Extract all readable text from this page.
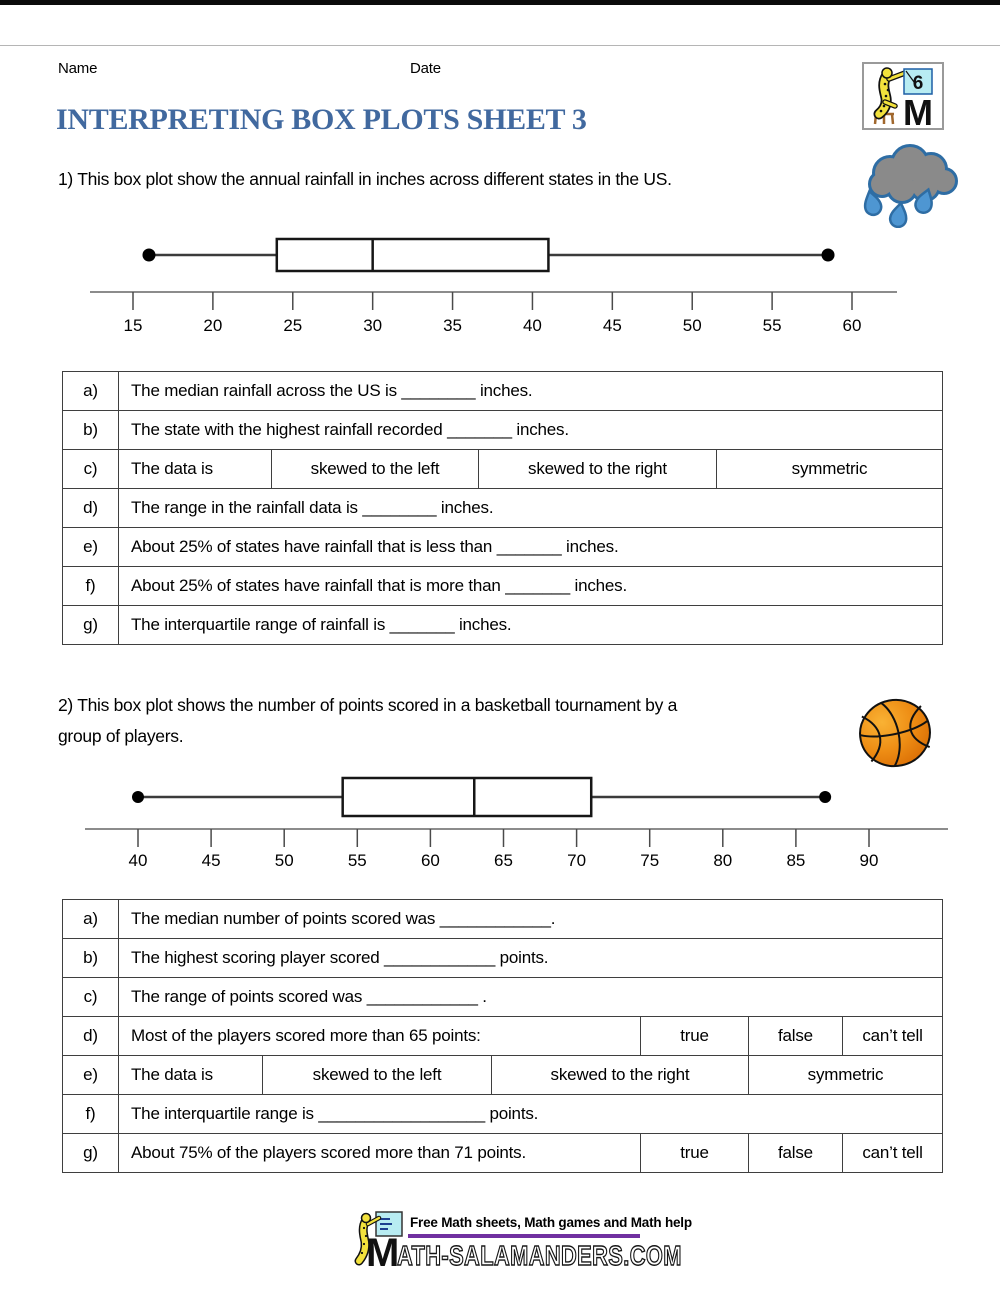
Name	Date
6
M
INTERPRETING BOX PLOTS SHEET 3
1) This box plot show the annual rainfall in inches across different states in the US.
15	20	25	30	35	40	45	50	55	60
a)	The median rainfall across the US is ________ inches.
b)	The state with the highest rainfall recorded _______ inches.
c)	The data is	skewed to the left	skewed to the right	symmetric
d)	The range in the rainfall data is ________ inches.
e)	About 25% of states have rainfall that is less than _______ inches.
f)	About 25% of states have rainfall that is more than _______ inches.
g)	The interquartile range of rainfall is _______ inches.
2) This box plot shows the number of points scored in a basketball tournament by a
group of players.
40	45	50	55	60	65	70	75	80	85	90
a)	The median number of points scored was ____________.
b)	The highest scoring player scored ____________ points.
c)	The range of points scored was ____________ .
d)	Most of the players scored more than 65 points:	true	false	can’t tell
e)	The data is	skewed to the left	skewed to the right	symmetric
f)	The interquartile range is __________________ points.
g)	About 75% of the players scored more than 71 points.	true	false	can’t tell
Free Math sheets, Math games and Math help
MATH-SALAMANDERS.COM
